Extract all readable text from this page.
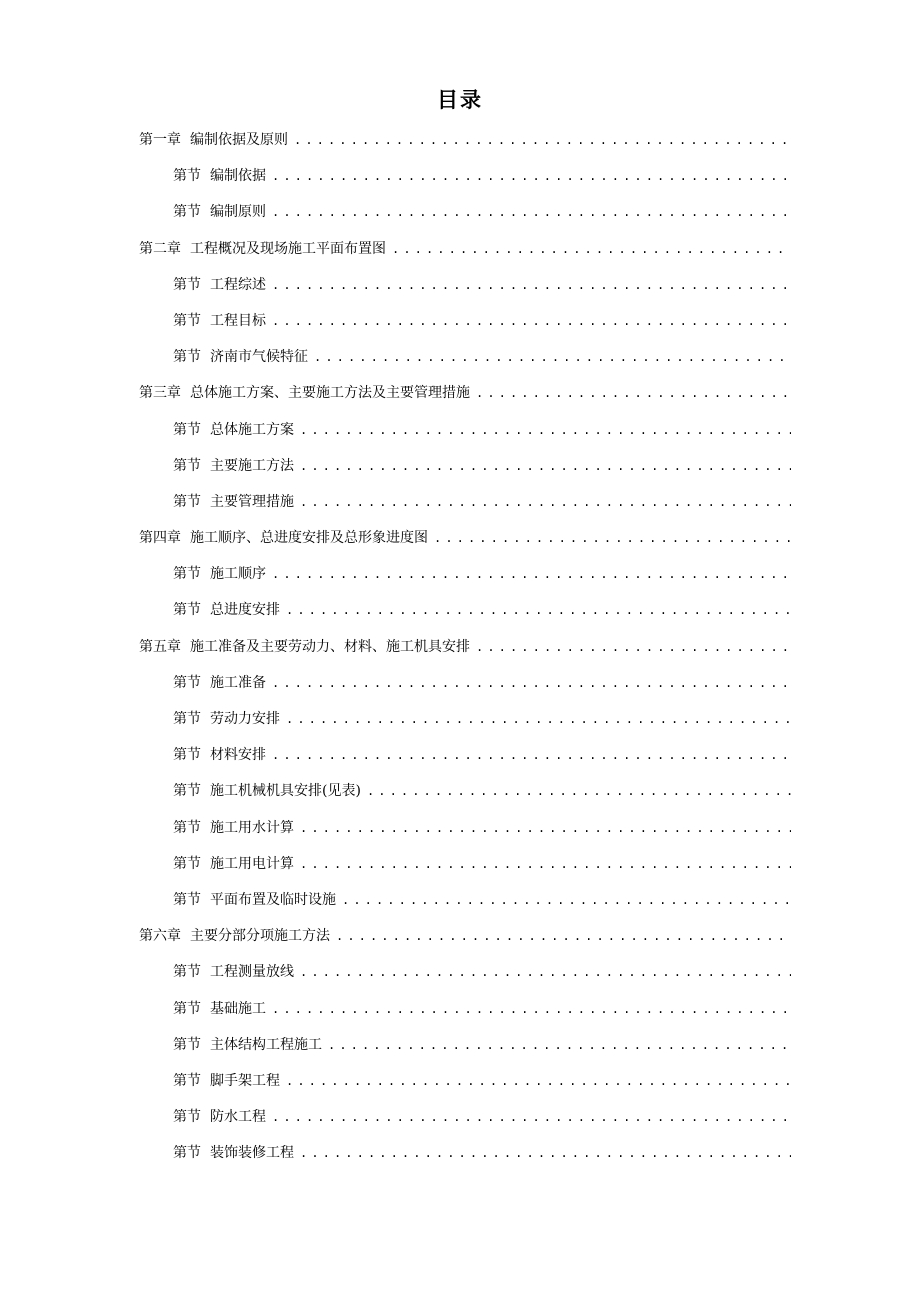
目录
第一章 编制依据及原则
.....
第节 编制依据
.....
第节 编制原则
.....
第二章 工程概况及现场施工平面布置图
.....
第节 工程综述
.....
第节 工程目标
.....
第节 济南市气候特征
.....
第三章 总体施工方案、主要施工方法及主要管理措施
.....
第节 总体施工方案
.....
第节 主要施工方法
.....
第节 主要管理措施
.....
第四章 施工顺序、总进度安排及总形象进度图
.....
第节 施工顺序
.....
第节 总进度安排
.....
第五章 施工准备及主要劳动力、材料、施工机具安排
.....
第节 施工准备
.....
第节 劳动力安排
.....
第节 材料安排
.....
第节 施工机械机具安排(见表)
.....
第节 施工用水计算
.....
第节 施工用电计算
.....
第节 平面布置及临时设施
.....
第六章 主要分部分项施工方法
.....
第节 工程测量放线
.....
第节 基础施工
.....
第节 主体结构工程施工
.....
第节 脚手架工程
.....
第节 防水工程
.....
第节 装饰装修工程
.....
